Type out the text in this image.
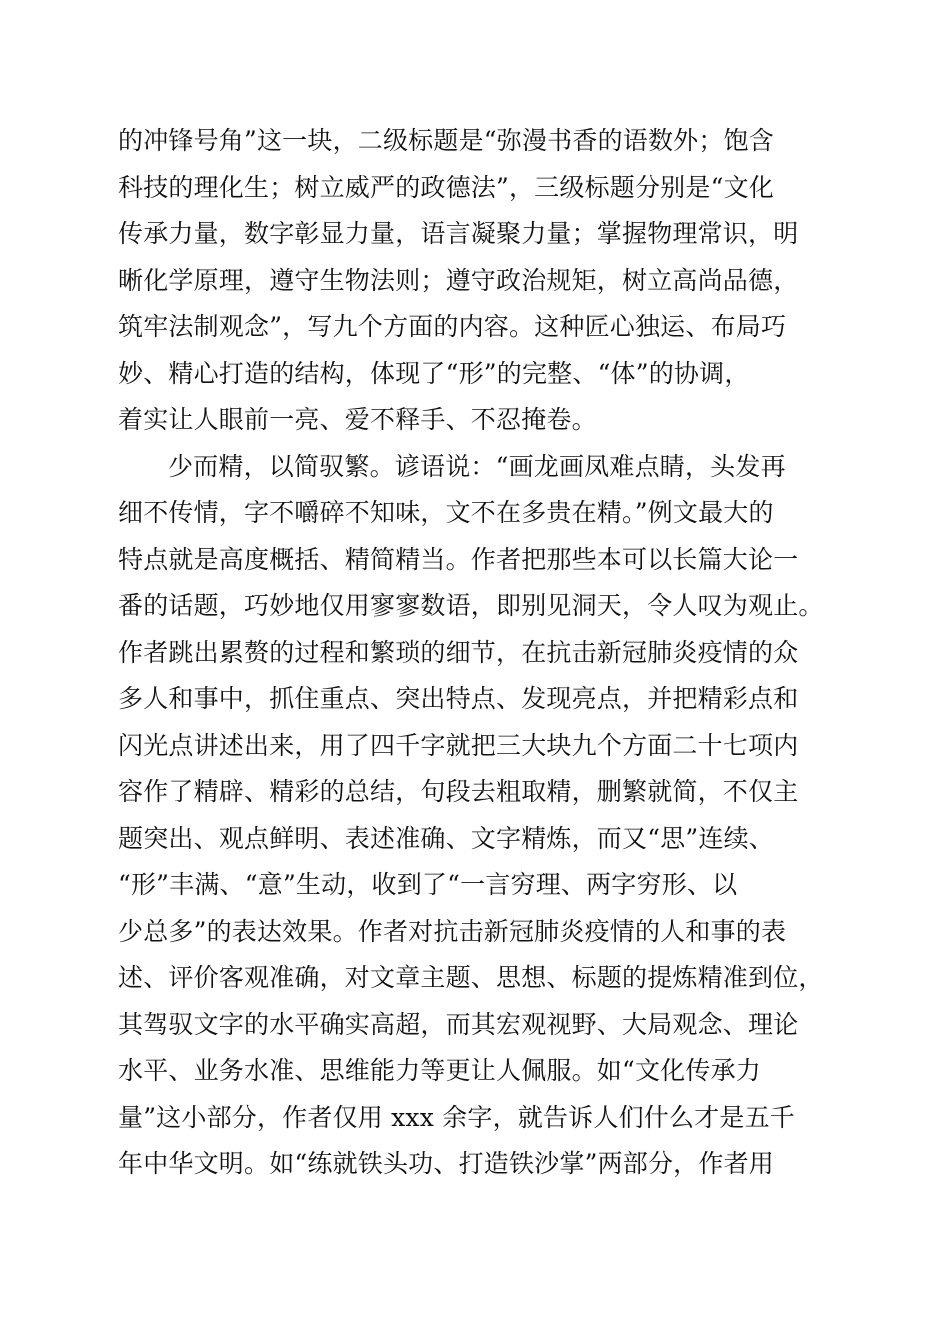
的冲锋号角”这一块，二级标题是“弥漫书香的语数外；饱含
科技的理化生；树立威严的政德法”，三级标题分别是“文化
传承力量，数字彰显力量，语言凝聚力量；掌握物理常识，明
晰化学原理，遵守生物法则；遵守政治规矩，树立高尚品德，
筑牢法制观念”，写九个方面的内容。这种匠心独运、布局巧
妙、精心打造的结构，体现了“形”的完整、“体”的协调，
着实让人眼前一亮、爱不释手、不忍掩卷。
少而精，以简驭繁。谚语说：“画龙画凤难点睛，头发再
细不传情，字不嚼碎不知味，文不在多贵在精。”例文最大的
特点就是高度概括、精简精当。作者把那些本可以长篇大论一
番的话题，巧妙地仅用寥寥数语，即别见洞天，令人叹为观止。
作者跳出累赘的过程和繁琐的细节，在抗击新冠肺炎疫情的众
多人和事中，抓住重点、突出特点、发现亮点，并把精彩点和
闪光点讲述出来，用了四千字就把三大块九个方面二十七项内
容作了精辟、精彩的总结，句段去粗取精，删繁就简，不仅主
题突出、观点鲜明、表述准确、文字精炼，而又“思”连续、
“形”丰满、“意”生动，收到了“一言穷理、两字穷形、以
少总多”的表达效果。作者对抗击新冠肺炎疫情的人和事的表
述、评价客观准确，对文章主题、思想、标题的提炼精准到位，
其驾驭文字的水平确实高超，而其宏观视野、大局观念、理论
水平、业务水准、思维能力等更让人佩服。如“文化传承力
量”这小部分，作者仅用 xxx 余字，就告诉人们什么才是五千
年中华文明。如“练就铁头功、打造铁沙掌”两部分，作者用
